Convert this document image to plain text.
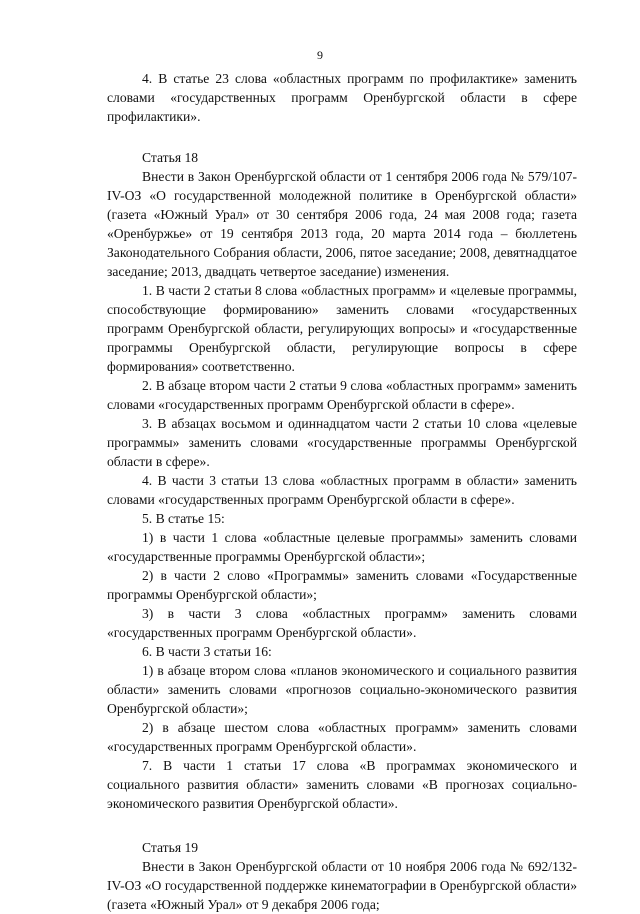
9

4. В статье 23 слова «областных программ по профилактике» заменить словами «государственных программ Оренбургской области в сфере профилактики».

Статья 18

Внести в Закон Оренбургской области от 1 сентября 2006 года № 579/107-IV-ОЗ «О государственной молодежной политике в Оренбургской области» (газета «Южный Урал» от 30 сентября 2006 года, 24 мая 2008 года; газета «Оренбуржье» от 19 сентября 2013 года, 20 марта 2014 года – бюллетень Законодательного Собрания области, 2006, пятое заседание; 2008, девятнадцатое заседание; 2013, двадцать четвертое заседание) изменения.

1. В части 2 статьи 8 слова «областных программ» и «целевые программы, способствующие формированию» заменить словами «государственных программ Оренбургской области, регулирующих вопросы» и «государственные программы Оренбургской области, регулирующие вопросы в сфере формирования» соответственно.

2. В абзаце втором части 2 статьи 9 слова «областных программ» заменить словами «государственных программ Оренбургской области в сфере».

3. В абзацах восьмом и одиннадцатом части 2 статьи 10 слова «целевые программы» заменить словами «государственные программы Оренбургской области в сфере».

4. В части 3 статьи 13 слова «областных программ в области» заменить словами «государственных программ Оренбургской области в сфере».

5. В статье 15:

1) в части 1 слова «областные целевые программы» заменить словами «государственные программы Оренбургской области»;

2) в части 2 слово «Программы» заменить словами «Государственные программы Оренбургской области»;

3) в части 3 слова «областных программ» заменить словами «государственных программ Оренбургской области».

6. В части 3 статьи 16:

1) в абзаце втором слова «планов экономического и социального развития области» заменить словами «прогнозов социально-экономического развития Оренбургской области»;

2) в абзаце шестом слова «областных программ» заменить словами «государственных программ Оренбургской области».

7. В части 1 статьи 17 слова «В программах экономического и социального развития области» заменить словами «В прогнозах социально-экономического развития Оренбургской области».

Статья 19

Внести в Закон Оренбургской области от 10 ноября 2006 года № 692/132-IV-ОЗ «О государственной поддержке кинематографии в Оренбургской области» (газета «Южный Урал» от 9 декабря 2006 года;
